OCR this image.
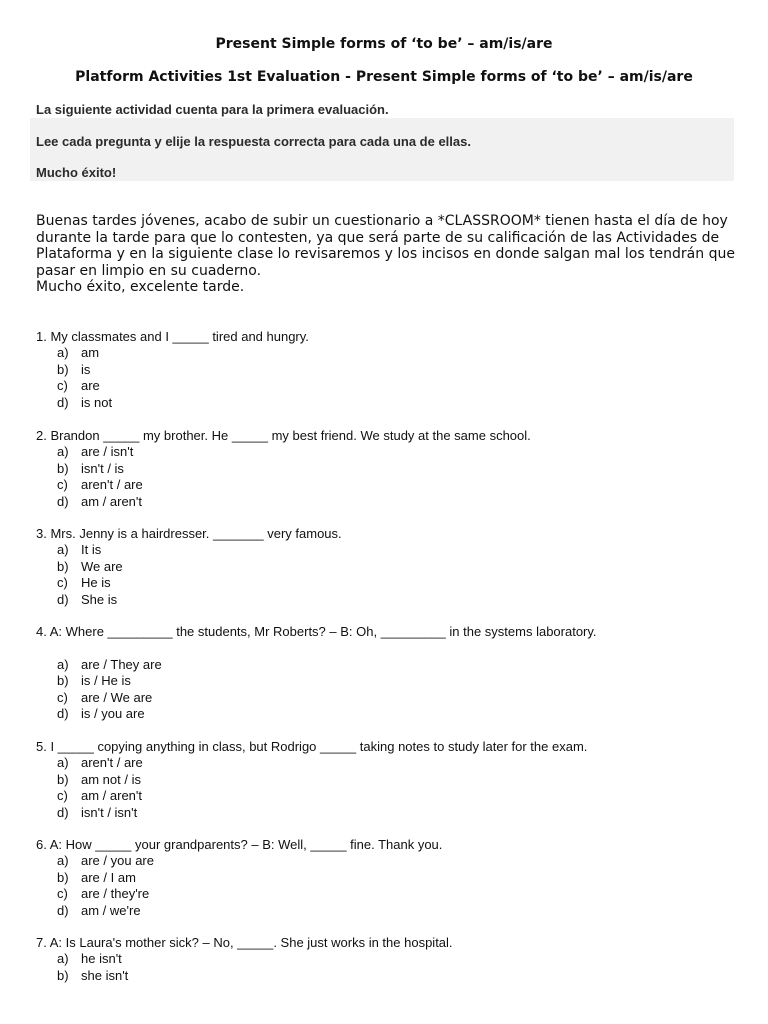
Present Simple forms of ‘to be’ – am/is/are
Platform Activities 1st Evaluation - Present Simple forms of ‘to be’ – am/is/are
La siguiente actividad cuenta para la primera evaluación.
Lee cada pregunta y elije la respuesta correcta para cada una de ellas.
Mucho éxito!

Buenas tardes jóvenes, acabo de subir un cuestionario a *CLASSROOM* tienen hasta el día de hoy durante la tarde para que lo contesten, ya que será parte de su calificación de las Actividades de Plataforma y en la siguiente clase lo revisaremos y los incisos en donde salgan mal los tendrán que pasar en limpio en su cuaderno.

Mucho éxito, excelente tarde.

1. My classmates and I _____ tired and hungry.
a) am
b) is
c) are
d) is not
2. Brandon _____ my brother. He _____ my best friend. We study at the same school.
a) are / isn't
b) isn't / is
c) aren't / are
d) am / aren't
3. Mrs. Jenny is a hairdresser. _______ very famous.
a) It is
b) We are
c) He is
d) She is
4. A: Where _________ the students, Mr Roberts? – B: Oh, _________ in the systems laboratory.
a) are / They are
b) is / He is
c) are / We are
d) is / you are
5. I _____ copying anything in class, but Rodrigo _____ taking notes to study later for the exam.
a) aren't / are
b) am not / is
c) am / aren't
d) isn't / isn't
6. A: How _____ your grandparents? – B: Well, _____ fine. Thank you.
a) are / you are
b) are / I am
c) are / they're
d) am / we're
7. A: Is Laura's mother sick? – No, _____. She just works in the hospital.
a) he isn't
b) she isn't
